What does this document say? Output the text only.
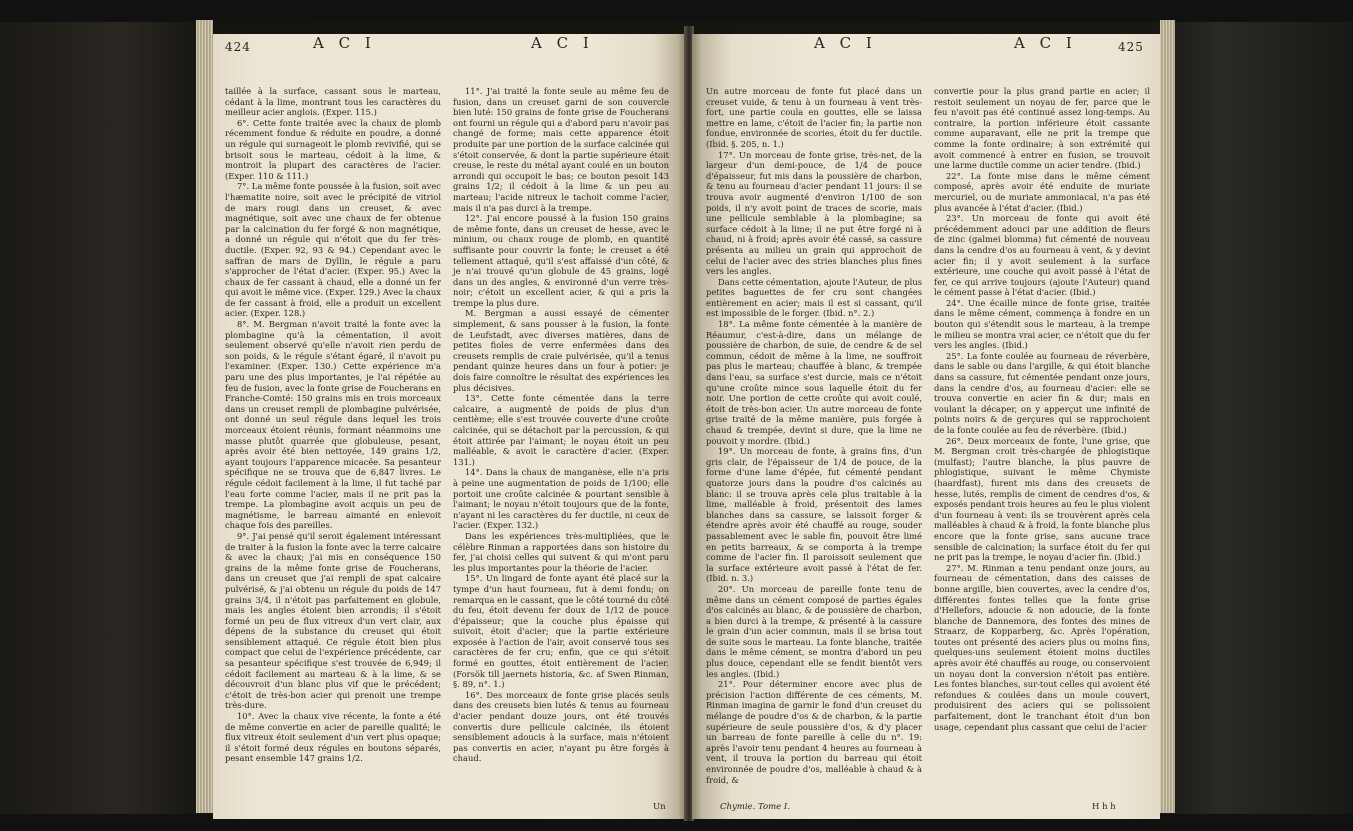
424	A C I	A C I

taillée à la surface, cassant sous le marteau, cédant à la lime, montrant tous les caractères du meilleur acier anglois. (Exper. 115.)

6°. Cette fonte traitée avec la chaux de plomb récemment fondue & réduite en poudre, a donné un régule qui surnageoit le plomb revivifié, qui se brisoit sous le marteau, cédoit à la lime, & montroit la plupart des caractères de l'acier. (Exper. 110 & 111.)

7°. La même fonte poussée à la fusion, soit avec l'hæmatite noire, soit avec le précipité de vitriol de mars rougi dans un creuset, & avec magnétique, soit avec une chaux de fer obtenue par la calcination du fer forgé & non magnétique, a donné un régule qui n'étoit que du fer très-ductile. (Exper. 92, 93 & 94.) Cependant avec le saffran de mars de Dyllin, le régule a paru s'approcher de l'état d'acier. (Exper. 95.) Avec la chaux de fer cassant à chaud, elle a donné un fer qui avoit le même vice. (Exper. 129.) Avec la chaux de fer cassant à froid, elle a produit un excellent acier. (Exper. 128.)

8°. M. Bergman n'avoit traité la fonte avec la plombagine qu'à la cémentation, il avoit seulement observé qu'elle n'avoit rien perdu de son poids, & le régule s'étant égaré, il n'avoit pu l'examiner. (Exper. 130.) Cette expérience m'a paru une des plus importantes, je l'ai répétée au feu de fusion, avec la fonte grise de Foucherans en Franche-Comté: 150 grains mis en trois morceaux dans un creuset rempli de plombagine pulvérisée, ont donné un seul régule dans lequel les trois morceaux étoient réunis, formant néanmoins une masse plutôt quarrée que globuleuse, pesant, après avoir été bien nettoyée, 149 grains 1/2, ayant toujours l'apparence micacée. Sa pesanteur spécifique ne se trouva que de 6,847 livres. Le régule cédoit facilement à la lime, il fut taché par l'eau forte comme l'acier, mais il ne prit pas la trempe. La plombagine avoit acquis un peu de magnétisme, le barreau aimanté en enlevoit chaque fois des pareilles.

9°. J'ai pensé qu'il seroit également intéressant de traiter à la fusion la fonte avec la terre calcaire & avec la chaux; j'ai mis en conséquence 150 grains de la même fonte grise de Foucherans, dans un creuset que j'ai rempli de spat calcaire pulvérisé, & j'ai obtenu un régule du poids de 147 grains 3/4, il n'étoit pas parfaitement en globule, mais les angles étoient bien arrondis; il s'étoit formé un peu de flux vitreux d'un vert clair, aux dépens de la substance du creuset qui étoit sensiblement attaqué. Ce régule étoit bien plus compact que celui de l'expérience précédente, car sa pesanteur spécifique s'est trouvée de 6,949; il cédoit facilement au marteau & à la lime, & se découvroit d'un blanc plus vif que le précédent; c'étoit de très-bon acier qui prenoit une trempe très-dure.

10°. Avec la chaux vive récente, la fonte a été de même convertie en acier de pareille qualité; le flux vitreux étoit seulement d'un vert plus opaque; il s'étoit formé deux régules en boutons séparés, pesant ensemble 147 grains 1/2.

11°. J'ai traité la fonte seule au même feu de fusion, dans un creuset garni de son couvercle bien luté: 150 grains de fonte grise de Foucherans ont fourni un régule qui a d'abord paru n'avoir pas changé de forme; mais cette apparence étoit produite par une portion de la surface calcinée qui s'étoit conservée, & dont la partie supérieure étoit creuse, le reste du métal ayant coulé en un bouton arrondi qui occupoit le bas; ce bouton pesoit 143 grains 1/2; il cédoit à la lime & un peu au marteau; l'acide nitreux le tachoit comme l'acier, mais il n'a pas durci à la trempe.

12°. J'ai encore poussé à la fusion 150 grains de même fonte, dans un creuset de hesse, avec le minium, ou chaux rouge de plomb, en quantité suffisante pour couvrir la fonte; le creuset a été tellement attaqué, qu'il s'est affaissé d'un côté, & je n'ai trouvé qu'un globule de 45 grains, logé dans un des angles, & environné d'un verre très-noir; c'étoit un excellent acier, & qui a pris la trempe la plus dure.

M. Bergman a aussi essayé de cémenter simplement, & sans pousser à la fusion, la fonte de Leufstadt, avec diverses matières, dans de petites fioles de verre enfermées dans des creusets remplis de craie pulvérisée, qu'il a tenus pendant quinze heures dans un four à potier: je dois faire connoître le résultat des expériences les plus décisives.

13°. Cette fonte cémentée dans la terre calcaire, a augmenté de poids de plus d'un centième; elle s'est trouvée couverte d'une croûte calcinée, qui se détachoit par la percussion, & qui étoit attirée par l'aimant; le noyau étoit un peu malléable, & avoit le caractère d'acier. (Exper. 131.)

14°. Dans la chaux de manganèse, elle n'a pris à peine une augmentation de poids de 1/100; elle portoit une croûte calcinée & pourtant sensible à l'aimant; le noyau n'étoit toujours que de la fonte, n'ayant ni les caractères du fer ductile, ni ceux de l'acier. (Exper. 132.)

Dans les expériences très-multipliées, que le célèbre Rinman a rapportées dans son histoire du fer, j'ai choisi celles qui suivent & qui m'ont paru les plus importantes pour la théorie de l'acier.

15°. Un lingard de fonte ayant été placé sur la tympe d'un haut fourneau, fut à demi fondu; on remarqua en le cassant, que le côté tourné du côté du feu, étoit devenu fer doux de 1/12 de pouce d'épaisseur; que la couche plus épaisse qui suivoit, étoit d'acier; que la partie extérieure exposée à l'action de l'air, avoit conservé tous ses caractères de fer cru; enfin, que ce qui s'étoit formé en gouttes, étoit entièrement de l'acier. (Forsök till jaernets historia, &c. af Swen Rinman, §. 89, n°. 1.)

16°. Des morceaux de fonte grise placés seuls dans des creusets bien lutés & tenus au fourneau d'acier pendant douze jours, ont été trouvés convertis dure pellicule calcinée, ils étoient sensiblement adoucis à la surface, mais n'étoient pas convertis en acier, n'ayant pu être forgés à chaud.

Un
A C I	A C I	425

Un autre morceau de fonte fut placé dans un creuset vuide, & tenu à un fourneau à vent très-fort, une partie coula en gouttes, elle se laissa mettre en lame, c'étoit de l'acier fin; la partie non fondue, environnée de scories, étoit du fer ductile. (Ibid. §. 205, n. 1.)

17°. Un morceau de fonte grise, très-net, de la largeur d'un demi-pouce, de 1/4 de pouce d'épaisseur, fut mis dans la poussière de charbon, & tenu au fourneau d'acier pendant 11 jours: il se trouva avoir augmenté d'environ 1/100 de son poids, il n'y avoit point de traces de scorie, mais une pellicule semblable à la plombagine; sa surface cédoit à la lime; il ne put être forgé ni à chaud, ni à froid; après avoir été cassé, sa cassure présenta au milieu un grain qui approchoit de celui de l'acier avec des stries blanches plus fines vers les angles.

Dans cette cémentation, ajoute l'Auteur, de plus petites baguettes de fer cru sont changées entièrement en acier; mais il est si cassant, qu'il est impossible de le forger. (Ibid. n°. 2.)

18°. La même fonte cémentée à la manière de Réaumur, c'est-à-dire, dans un mélange de poussière de charbon, de suie, de cendre & de sel commun, cédoit de même à la lime, ne souffroit pas plus le marteau; chauffée à blanc, & trempée dans l'eau, sa surface s'est durcie, mais ce n'étoit qu'une croûte mince sous laquelle étoit du fer noir. Une portion de cette croûte qui avoit coulé, étoit de très-bon acier. Un autre morceau de fonte grise traité de la même manière, puis forgée à chaud & trempée, devint si dure, que la lime ne pouvoit y mordre. (Ibid.)

19°. Un morceau de fonte, à grains fins, d'un gris clair, de l'épaisseur de 1/4 de pouce, de la forme d'une lame d'épée, fut cémenté pendant quatorze jours dans la poudre d'os calcinés au blanc: il se trouva après cela plus traitable à la lime, malléable à froid, présentoit des lames blanches dans sa cassure, se laissoit forger & étendre après avoir été chauffé au rouge, souder passablement avec le sable fin, pouvoit être limé en petits barreaux, & se comporta à la trempe comme de l'acier fin. Il paroissoit seulement que la surface extérieure avoit passé à l'état de fer. (Ibid. n. 3.)

20°. Un morceau de pareille fonte tenu de même dans un cément composé de parties égales d'os calcinés au blanc, & de poussière de charbon, a bien durci à la trempe, & présenté à la cassure le grain d'un acier commun, mais il se brisa tout de suite sous le marteau. La fonte blanche, traitée dans le même cément, se montra d'abord un peu plus douce, cependant elle se fendit bientôt vers les angles. (Ibid.)

21°. Pour déterminer encore avec plus de précision l'action différente de ces céments, M. Rinman imagina de garnir le fond d'un creuset du mélange de poudre d'os & de charbon, & la partie supérieure de seule poussière d'os, & d'y placer un barreau de fonte pareille à celle du n°. 19: après l'avoir tenu pendant 4 heures au fourneau à vent, il trouva la portion du barreau qui étoit environnée de poudre d'os, malléable à chaud & à froid, &

convertie pour la plus grand partie en acier; il restoit seulement un noyau de fer, parce que le feu n'avoit pas été continué assez long-temps. Au contraire, la portion inférieure étoit cassante comme auparavant, elle ne prit la trempe que comme la fonte ordinaire; à son extrémité qui avoit commencé à entrer en fusion, se trouvoit une larme ductile comme un acier tendre. (Ibid.)

22°. La fonte mise dans le même cément composé, après avoir été enduite de muriate mercuriel, ou de muriate ammoniacal, n'a pas été plus avancée à l'état d'acier. (Ibid.)

23°. Un morceau de fonte qui avoit été précédemment adouci par une addition de fleurs de zinc (galmei blomma) fut cémenté de nouveau dans la cendre d'os au fourneau à vent, & y devint acier fin; il y avoit seulement à la surface extérieure, une couche qui avoit passé à l'état de fer, ce qui arrive toujours (ajoute l'Auteur) quand le cément passe à l'état d'acier. (Ibid.)

24°. Une écaille mince de fonte grise, traitée dans le même cément, commença à fondre en un bouton qui s'étendit sous le marteau, à la trempe le milieu se montra vrai acier, ce n'étoit que du fer vers les angles. (Ibid.)

25°. La fonte coulée au fourneau de réverbère, dans le sable ou dans l'argille, & qui étoit blanche dans sa cassure, fut cémentée pendant onze jours, dans la cendre d'os, au fourneau d'acier: elle se trouva convertie en acier fin & dur; mais en voulant la décaper, on y apperçut une infinité de points noirs & de gerçures qui se rapprochoient de la fonte coulée au feu de réverbère. (Ibid.)

26°. Deux morceaux de fonte, l'une grise, que M. Bergman croit très-chargée de phlogistique (mulfast); l'autre blanche, la plus pauvre de phlogistique, suivant le même Chymiste (haardfast), furent mis dans des creusets de hesse, lutés, remplis de ciment de cendres d'os, & exposés pendant trois heures au feu le plus violent d'un fourneau à vent: ils se trouvèrent après cela malléables à chaud & à froid, la fonte blanche plus encore que la fonte grise, sans aucune trace sensible de calcination; la surface étoit du fer qui ne prit pas la trempe, le noyau d'acier fin. (Ibid.)

27°. M. Rinman a tenu pendant onze jours, au fourneau de cémentation, dans des caisses de bonne argille, bien couvertes, avec la cendre d'os, différentes fontes telles que la fonte grise d'Hellefors, adoucie & non adoucie, de la fonte blanche de Dannemora, des fontes des mines de Straarz, de Kopparberg, &c. Après l'opération, toutes ont présenté des aciers plus ou moins fins, quelques-uns seulement étoient moins ductiles après avoir été chauffés au rouge, ou conservoient un noyau dont la conversion n'étoit pas entière. Les fontes blanches, sur-tout celles qui avoient été refondues & coulées dans un moule couvert, produisirent des aciers qui se polissoient parfaitement, dont le tranchant étoit d'un bon usage, cependant plus cassant que celui de l'acier

Chymie. Tome I.	H h h
